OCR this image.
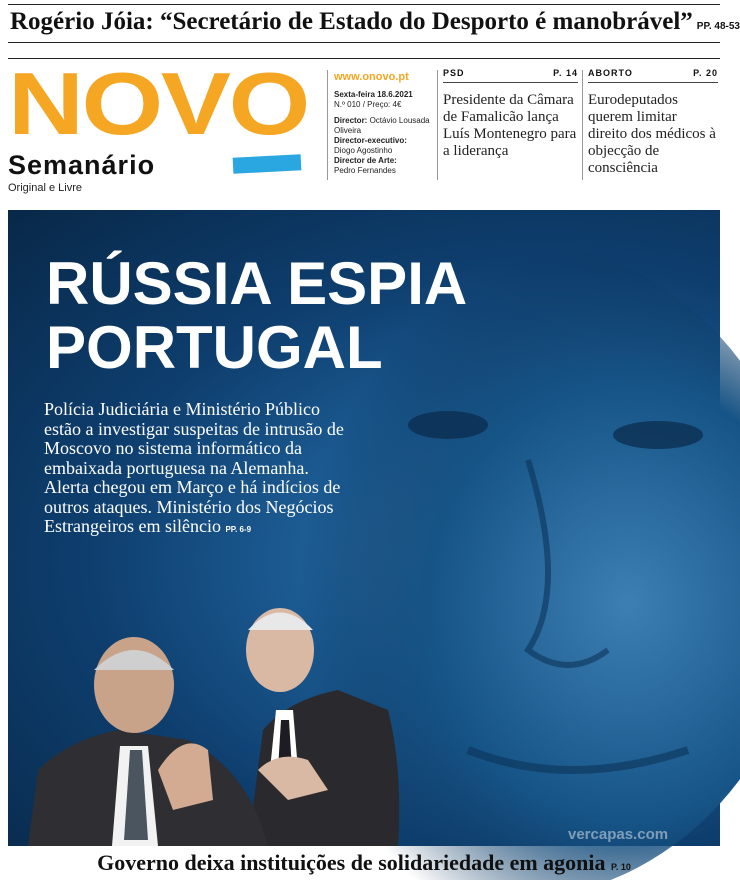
Rogério Jóia: “Secretário de Estado do Desporto é manobrável” PP. 48-53
NOVO
Semanário
Original e Livre
www.onovo.pt
Sexta-feira 18.6.2021
N.º 010 / Preço: 4€
Director: Octávio Lousada Oliveira
Director-executivo:
Diogo Agostinho
Director de Arte:
Pedro Fernandes
PSD	P. 14
Presidente da Câmara de Famalicão lança Luís Montenegro para a liderança
ABORTO	P. 20
Eurodeputados querem limitar direito dos médicos à objecção de consciência
RÚSSIA ESPIA
PORTUGAL
Polícia Judiciária e Ministério Público estão a investigar suspeitas de intrusão de Moscovo no sistema informático da embaixada portuguesa na Alemanha. Alerta chegou em Março e há indícios de outros ataques. Ministério dos Negócios Estrangeiros em silêncio PP. 6-9
vercapas.com
Governo deixa instituições de solidariedade em agonia P. 10
